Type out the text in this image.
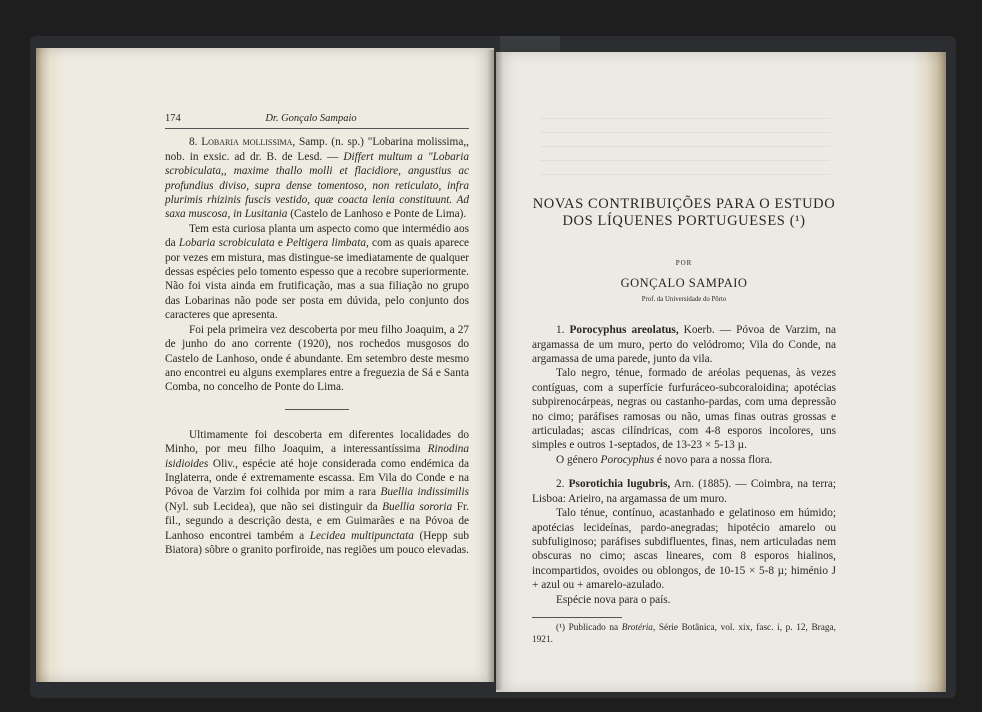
174	Dr. Gonçalo Sampaio

8. Lobaria mollissima, Samp. (n. sp.) "Lobarina molissima,, nob. in exsic. ad dr. B. de Lesd. — Differt multum a "Lobaria scrobiculata,, maxime thallo molli et flacidiore, angustius ac profundius diviso, supra dense tomentoso, non reticulato, infra plurimis rhizinis fuscis vestido, quæ coacta lenia constituunt. Ad saxa muscosa, in Lusitania (Castelo de Lanhoso e Ponte de Lima).

Tem esta curiosa planta um aspecto como que intermédio aos da Lobaria scrobiculata e Peltigera limbata, com as quais aparece por vezes em mistura, mas distingue-se imediatamente de qualquer dessas espécies pelo tomento espesso que a recobre superiormente. Não foi vista ainda em frutificação, mas a sua filiação no grupo das Lobarinas não pode ser posta em dúvida, pelo conjunto dos caracteres que apresenta.

Foi pela primeira vez descoberta por meu filho Joaquim, a 27 de junho do ano corrente (1920), nos rochedos musgosos do Castelo de Lanhoso, onde é abundante. Em setembro deste mesmo ano encontrei eu alguns exemplares entre a freguezia de Sá e Santa Comba, no concelho de Ponte do Lima.

Ultimamente foi descoberta em diferentes localidades do Minho, por meu filho Joaquim, a interessantíssima Rinodina isidioides Oliv., espécie até hoje considerada como endémica da Inglaterra, onde é extremamente escassa. Em Vila do Conde e na Póvoa de Varzim foi colhida por mim a rara Buellia indissimilis (Nyl. sub Lecidea), que não sei distinguir da Buellia sororia Fr. fil., segundo a descrição desta, e em Guimarães e na Póvoa de Lanhoso encontrei também a Lecidea multipunctata (Hepp sub Biatora) sôbre o granito porfiroide, nas regiões um pouco elevadas.

NOVAS CONTRIBUIÇÕES PARA O ESTUDO
DOS LÍQUENES PORTUGUESES (¹)
POR
GONÇALO SAMPAIO
Prof. da Universidade do Pôrto

1. Porocyphus areolatus, Koerb. — Póvoa de Varzim, na argamassa de um muro, perto do velódromo; Vila do Conde, na argamassa de uma parede, junto da vila.

Talo negro, ténue, formado de aréolas pequenas, às vezes contíguas, com a superfície furfuráceo-subcoraloidina; apotécias subpirenocárpeas, negras ou castanho-pardas, com uma depressão no cimo; paráfises ramosas ou não, umas finas outras grossas e articuladas; ascas cilíndricas, com 4-8 esporos incolores, uns simples e outros 1-septados, de 13-23 × 5-13 µ.

O género Porocyphus é novo para a nossa flora.

2. Psorotichia lugubris, Arn. (1885). — Coimbra, na terra; Lisboa: Arieiro, na argamassa de um muro.

Talo ténue, contínuo, acastanhado e gelatinoso em húmido; apotécias lecideínas, pardo-anegradas; hipotécio amarelo ou subfuliginoso; paráfises subdifluentes, finas, nem articuladas nem obscuras no cimo; ascas lineares, com 8 esporos hialinos, incompartidos, ovoides ou oblongos, de 10-15 × 5-8 µ; himénio J + azul ou + amarelo-azulado.

Espécie nova para o país.

(¹) Publicado na Brotéria, Série Botânica, vol. xix, fasc. i, p. 12, Braga, 1921.
